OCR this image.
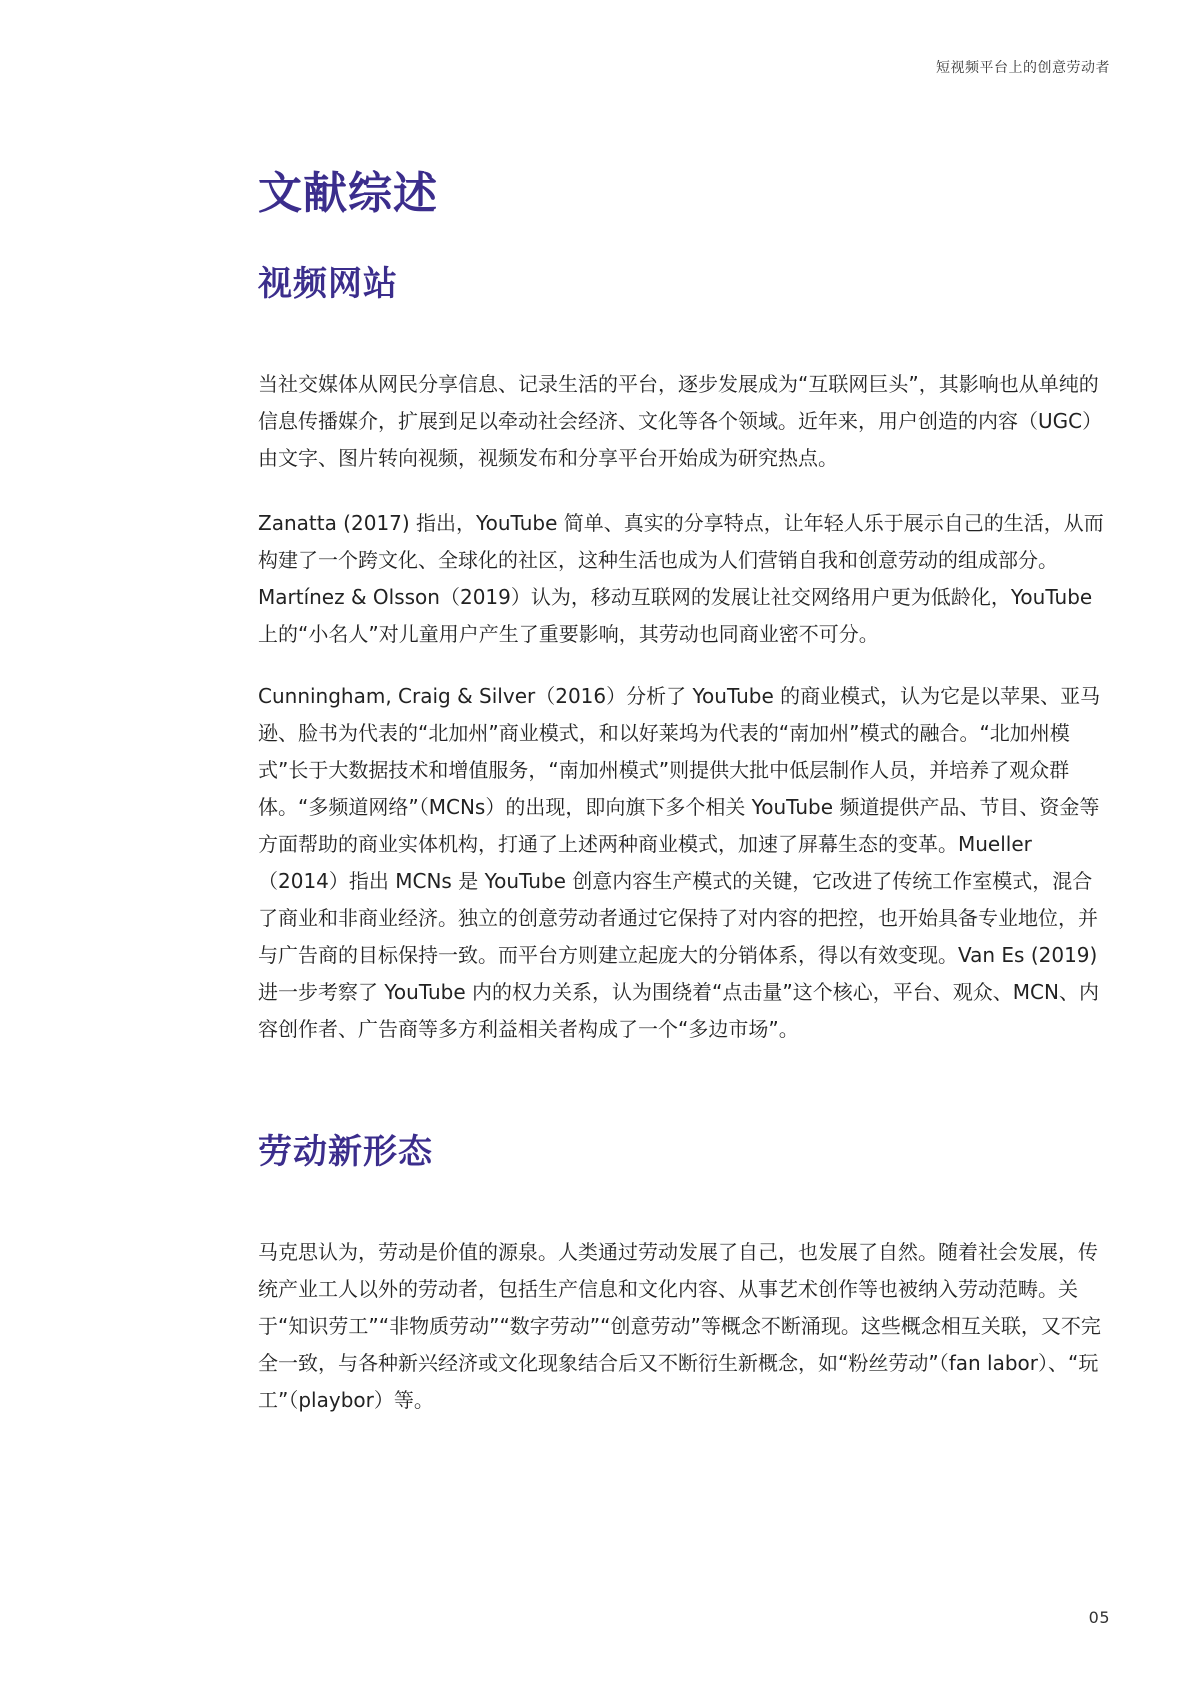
短视频平台上的创意劳动者
文献综述
视频网站

当社交媒体从网民分享信息、记录生活的平台，逐步发展成为“互联网巨头”，其影响也从单纯的信息传播媒介，扩展到足以牵动社会经济、文化等各个领域。近年来，用户创造的内容（UGC）由文字、图片转向视频，视频发布和分享平台开始成为研究热点。

Zanatta (2017) 指出，YouTube 简单、真实的分享特点，让年轻人乐于展示自己的生活，从而构建了一个跨文化、全球化的社区，这种生活也成为人们营销自我和创意劳动的组成部分。Martínez & Olsson（2019）认为，移动互联网的发展让社交网络用户更为低龄化，YouTube 上的“小名人”对儿童用户产生了重要影响，其劳动也同商业密不可分。

Cunningham, Craig & Silver（2016）分析了 YouTube 的商业模式，认为它是以苹果、亚马逊、脸书为代表的“北加州”商业模式，和以好莱坞为代表的“南加州”模式的融合。“北加州模式”长于大数据技术和增值服务，“南加州模式”则提供大批中低层制作人员，并培养了观众群体。“多频道网络”（MCNs）的出现，即向旗下多个相关 YouTube 频道提供产品、节目、资金等方面帮助的商业实体机构，打通了上述两种商业模式，加速了屏幕生态的变革。Mueller（2014）指出 MCNs 是 YouTube 创意内容生产模式的关键，它改进了传统工作室模式，混合了商业和非商业经济。独立的创意劳动者通过它保持了对内容的把控，也开始具备专业地位，并与广告商的目标保持一致。而平台方则建立起庞大的分销体系，得以有效变现。Van Es (2019) 进一步考察了 YouTube 内的权力关系，认为围绕着“点击量”这个核心，平台、观众、MCN、内容创作者、广告商等多方利益相关者构成了一个“多边市场”。

劳动新形态

马克思认为，劳动是价值的源泉。人类通过劳动发展了自己，也发展了自然。随着社会发展，传统产业工人以外的劳动者，包括生产信息和文化内容、从事艺术创作等也被纳入劳动范畴。关于“知识劳工”“非物质劳动”“数字劳动”“创意劳动”等概念不断涌现。这些概念相互关联，又不完全一致，与各种新兴经济或文化现象结合后又不断衍生新概念，如“粉丝劳动”（fan labor）、“玩工”（playbor）等。

05
